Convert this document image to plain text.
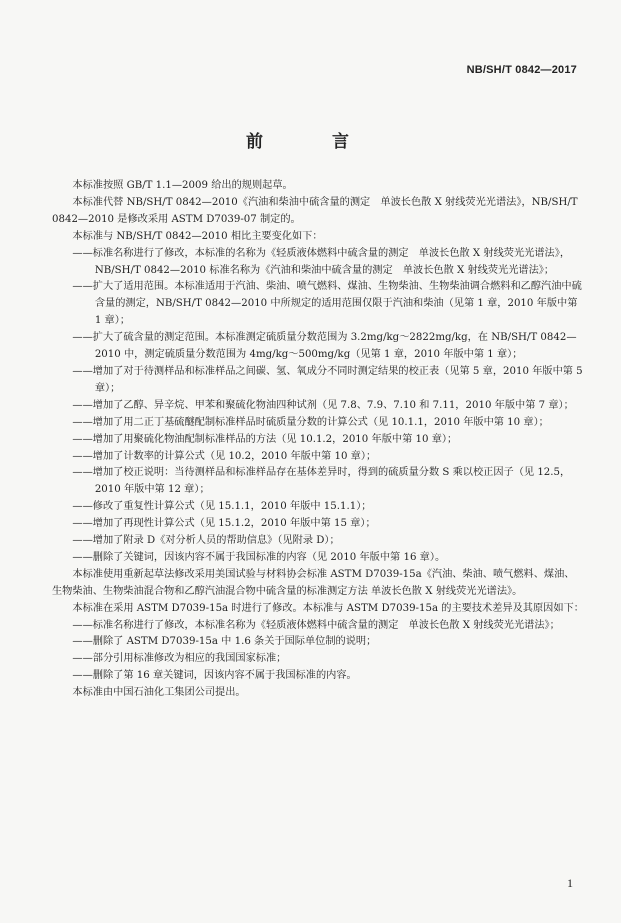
NB/SH/T 0842—2017
前　言

本标准按照 GB/T 1.1—2009 给出的规则起草。

本标准代替 NB/SH/T 0842—2010《汽油和柴油中硫含量的测定　单波长色散 X 射线荧光光谱法》，NB/SH/T 0842—2010 是修改采用 ASTM D7039-07 制定的。

本标准与 NB/SH/T 0842—2010 相比主要变化如下：

——标准名称进行了修改，本标准的名称为《轻质液体燃料中硫含量的测定　单波长色散 X 射线荧光光谱法》，NB/SH/T 0842—2010 标准名称为《汽油和柴油中硫含量的测定　单波长色散 X 射线荧光光谱法》；

——扩大了适用范围。本标准适用于汽油、柴油、喷气燃料、煤油、生物柴油、生物柴油调合燃料和乙醇汽油中硫含量的测定，NB/SH/T 0842—2010 中所规定的适用范围仅限于汽油和柴油（见第 1 章，2010 年版中第 1 章）；

——扩大了硫含量的测定范围。本标准测定硫质量分数范围为 3.2mg/kg～2822mg/kg，在 NB/SH/T 0842—2010 中，测定硫质量分数范围为 4mg/kg～500mg/kg（见第 1 章，2010 年版中第 1 章）；

——增加了对于待测样品和标准样品之间碳、氢、氧成分不同时测定结果的校正表（见第 5 章，2010 年版中第 5 章）；

——增加了乙醇、异辛烷、甲苯和聚硫化物油四种试剂（见 7.8、7.9、7.10 和 7.11，2010 年版中第 7 章）；

——增加了用二正丁基硫醚配制标准样品时硫质量分数的计算公式（见 10.1.1，2010 年版中第 10 章）；

——增加了用聚硫化物油配制标准样品的方法（见 10.1.2，2010 年版中第 10 章）；

——增加了计数率的计算公式（见 10.2，2010 年版中第 10 章）；

——增加了校正说明：当待测样品和标准样品存在基体差异时，得到的硫质量分数 S 乘以校正因子（见 12.5，2010 年版中第 12 章）；

——修改了重复性计算公式（见 15.1.1，2010 年版中 15.1.1）；

——增加了再现性计算公式（见 15.1.2，2010 年版中第 15 章）；

——增加了附录 D《对分析人员的帮助信息》（见附录 D）；

——删除了关键词，因该内容不属于我国标准的内容（见 2010 年版中第 16 章）。

本标准使用重新起草法修改采用美国试验与材料协会标准 ASTM D7039-15a《汽油、柴油、喷气燃料、煤油、生物柴油、生物柴油混合物和乙醇汽油混合物中硫含量的标准测定方法 单波长色散 X 射线荧光光谱法》。

本标准在采用 ASTM D7039-15a 时进行了修改。本标准与 ASTM D7039-15a 的主要技术差异及其原因如下：

——标准名称进行了修改，本标准名称为《轻质液体燃料中硫含量的测定　单波长色散 X 射线荧光光谱法》；

——删除了 ASTM D7039-15a 中 1.6 条关于国际单位制的说明；

——部分引用标准修改为相应的我国国家标准；

——删除了第 16 章关键词，因该内容不属于我国标准的内容。

本标准由中国石油化工集团公司提出。

1
